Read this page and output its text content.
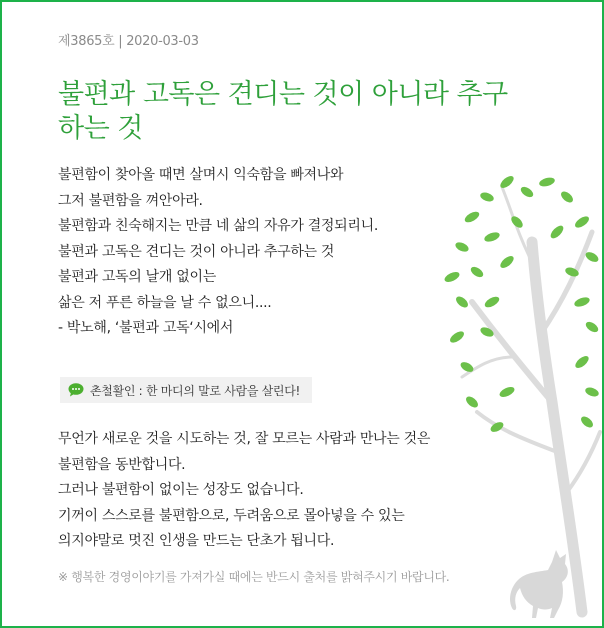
제3865호 | 2020-03-03
불편과 고독은 견디는 것이 아니라 추구하는 것
불편함이 찾아올 때면 살며시 익숙함을 빠져나와
그저 불편함을 껴안아라.
불편함과 친숙해지는 만큼 네 삶의 자유가 결정되리니.
불편과 고독은 견디는 것이 아니라 추구하는 것
불편과 고독의 날개 없이는
삶은 저 푸른 하늘을 날 수 없으니....
- 박노해, ‘불편과 고독‘시에서
촌철활인 : 한 마디의 말로 사람을 살린다!
무언가 새로운 것을 시도하는 것, 잘 모르는 사람과 만나는 것은
불편함을 동반합니다.
그러나 불편함이 없이는 성장도 없습니다.
기꺼이 스스로를 불편함으로, 두려움으로 몰아넣을 수 있는
의지야말로 멋진 인생을 만드는 단초가 됩니다.
※ 행복한 경영이야기를 가져가실 때에는 반드시 출처를 밝혀주시기 바랍니다.
